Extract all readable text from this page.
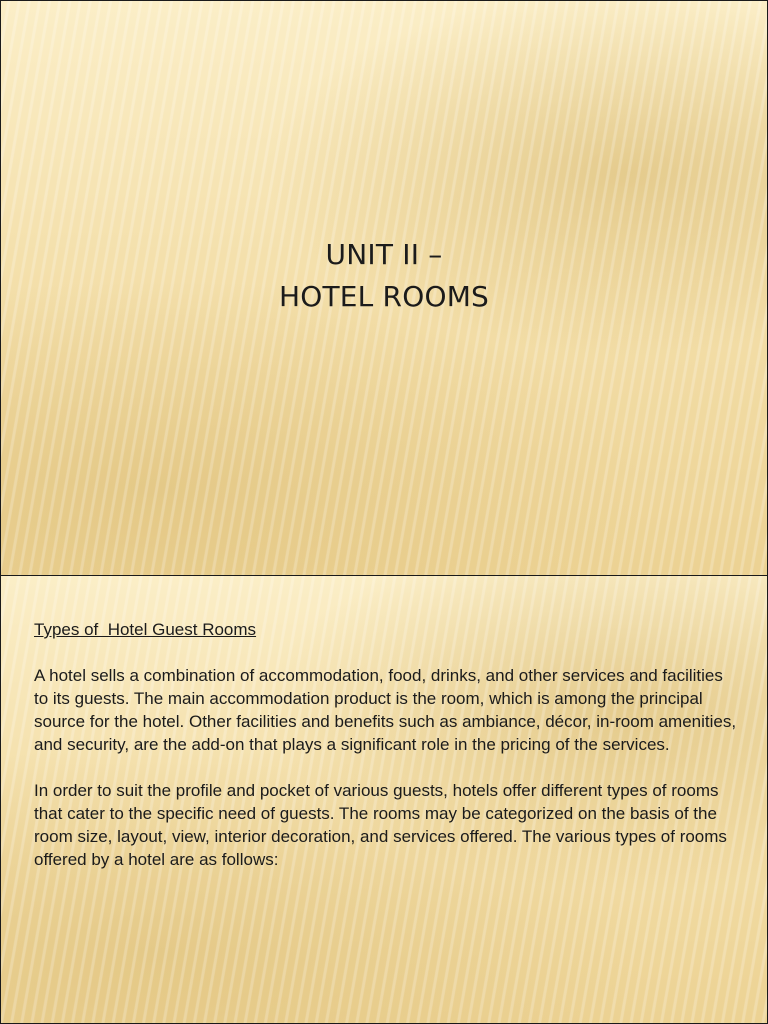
UNIT II –
HOTEL ROOMS

Types of  Hotel Guest Rooms

A hotel sells a combination of accommodation, food, drinks, and other services and facilities to its guests. The main accommodation product is the room, which is among the principal source for the hotel. Other facilities and benefits such as ambiance, décor, in-room amenities, and security, are the add-on that plays a significant role in the pricing of the services.

In order to suit the profile and pocket of various guests, hotels offer different types of rooms that cater to the specific need of guests. The rooms may be categorized on the basis of the room size, layout, view, interior decoration, and services offered. The various types of rooms offered by a hotel are as follows:
